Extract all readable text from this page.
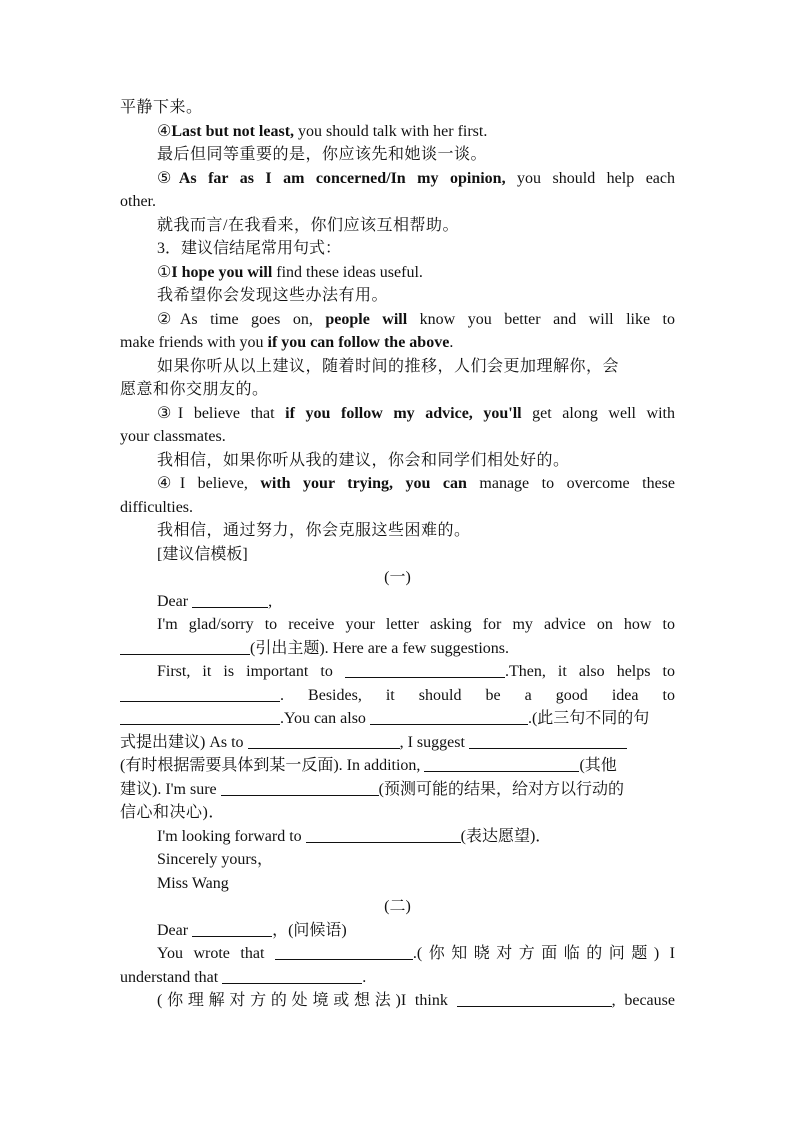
平静下来。
④Last but not least, you should talk with her first.
最后但同等重要的是，你应该先和她谈一谈。
⑤As far as I am concerned/In my opinion, you should help each
other.
就我而言/在我看来，你们应该互相帮助。
3．建议信结尾常用句式：
①I hope you will find these ideas useful.
我希望你会发现这些办法有用。
②As time goes on, people will know you better and will like to
make friends with you if you can follow the above.
如果你听从以上建议，随着时间的推移，人们会更加理解你，会
愿意和你交朋友的。
③I believe that if you follow my advice, you'll get along well with
your classmates.
我相信，如果你听从我的建议，你会和同学们相处好的。
④I believe, with your trying, you can manage to overcome these
difficulties.
我相信，通过努力，你会克服这些困难的。
[建议信模板]
(一)
Dear	,
I'm glad/sorry to receive your letter asking for my advice on how to
(引出主题). Here are a few suggestions.
First, it is important to	.Then, it also helps to
. Besides, it should be a good idea to
.You can also	.(此三句不同的句
式提出建议) As to	, I suggest
(有时根据需要具体到某一反面). In addition,	(其他
建议). I'm sure	(预测可能的结果，给对方以行动的
信心和决心)．
I'm looking forward to	(表达愿望)．
Sincerely yours，
Miss Wang
(二)
Dear	，(问候语)
You wrote that	.(你知晓对方面临的问题) I
understand that	.
(你理解对方的处境或想法)I think	, because
